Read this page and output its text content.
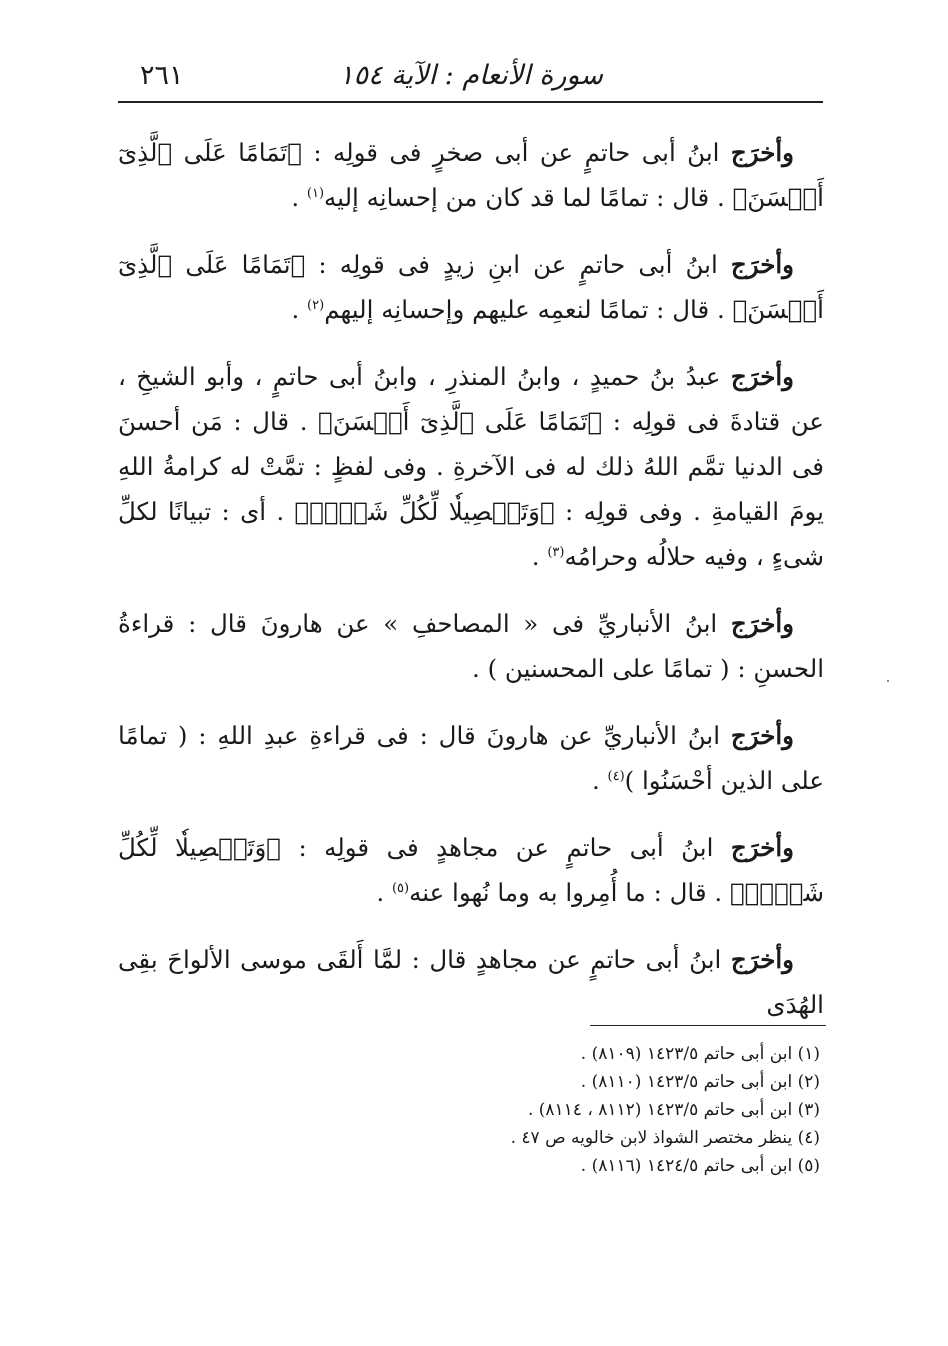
سورة الأنعام : الآية ١٥٤
٢٦١

وأخرَج ابنُ أبى حاتمٍ عن أبى صخرٍ فى قولِه : ﴿تَمَامًا عَلَى ٱلَّذِىٓ أَحۡسَنَ﴾ . قال : تمامًا لما قد كان من إحسانِه إليه$^{(١)}$ .

وأخرَج ابنُ أبى حاتمٍ عن ابنِ زيدٍ فى قولِه : ﴿تَمَامًا عَلَى ٱلَّذِىٓ أَحۡسَنَ﴾ . قال : تمامًا لنعمِه عليهم وإحسانِه إليهم$^{(٢)}$ .

وأخرَج عبدُ بنُ حميدٍ ، وابنُ المنذرِ ، وابنُ أبى حاتمٍ ، وأبو الشيخِ ، عن قتادةَ فى قولِه : ﴿تَمَامًا عَلَى ٱلَّذِىٓ أَحۡسَنَ﴾ . قال : مَن أحسنَ فى الدنيا تمَّم اللهُ ذلك له فى الآخرةِ . وفى لفظٍ : تمَّتْ له كرامةُ اللهِ يومَ القيامةِ . وفى قولِه : ﴿وَتَفۡصِيلٗا لِّكُلِّ شَيۡءٖ﴾ . أى : تبيانًا لكلِّ شىءٍ ، وفيه حلالُه وحرامُه$^{(٣)}$ .

وأخرَج ابنُ الأنباريِّ فى « المصاحفِ » عن هارونَ قال : قراءةُ الحسنِ : ( تمامًا على المحسنين ) .

وأخرَج ابنُ الأنباريِّ عن هارونَ قال : فى قراءةِ عبدِ اللهِ : ( تمامًا على الذين أحْسَنُوا )$^{(٤)}$ .

وأخرَج ابنُ أبى حاتمٍ عن مجاهدٍ فى قولِه : ﴿وَتَفۡصِيلٗا لِّكُلِّ شَيۡءٖ﴾ . قال : ما أُمِروا به وما نُهوا عنه$^{(٥)}$ .

وأخرَج ابنُ أبى حاتمٍ عن مجاهدٍ قال : لمَّا أَلقَى موسى الألواحَ بقِى الهُدَى

(١) ابن أبى حاتم ١٤٢٣/٥ (٨١٠٩) .
(٢) ابن أبى حاتم ١٤٢٣/٥ (٨١١٠) .
(٣) ابن أبى حاتم ١٤٢٣/٥ (٨١١٢ ، ٨١١٤) .
(٤) ينظر مختصر الشواذ لابن خالويه ص ٤٧ .
(٥) ابن أبى حاتم ١٤٢٤/٥ (٨١١٦) .
